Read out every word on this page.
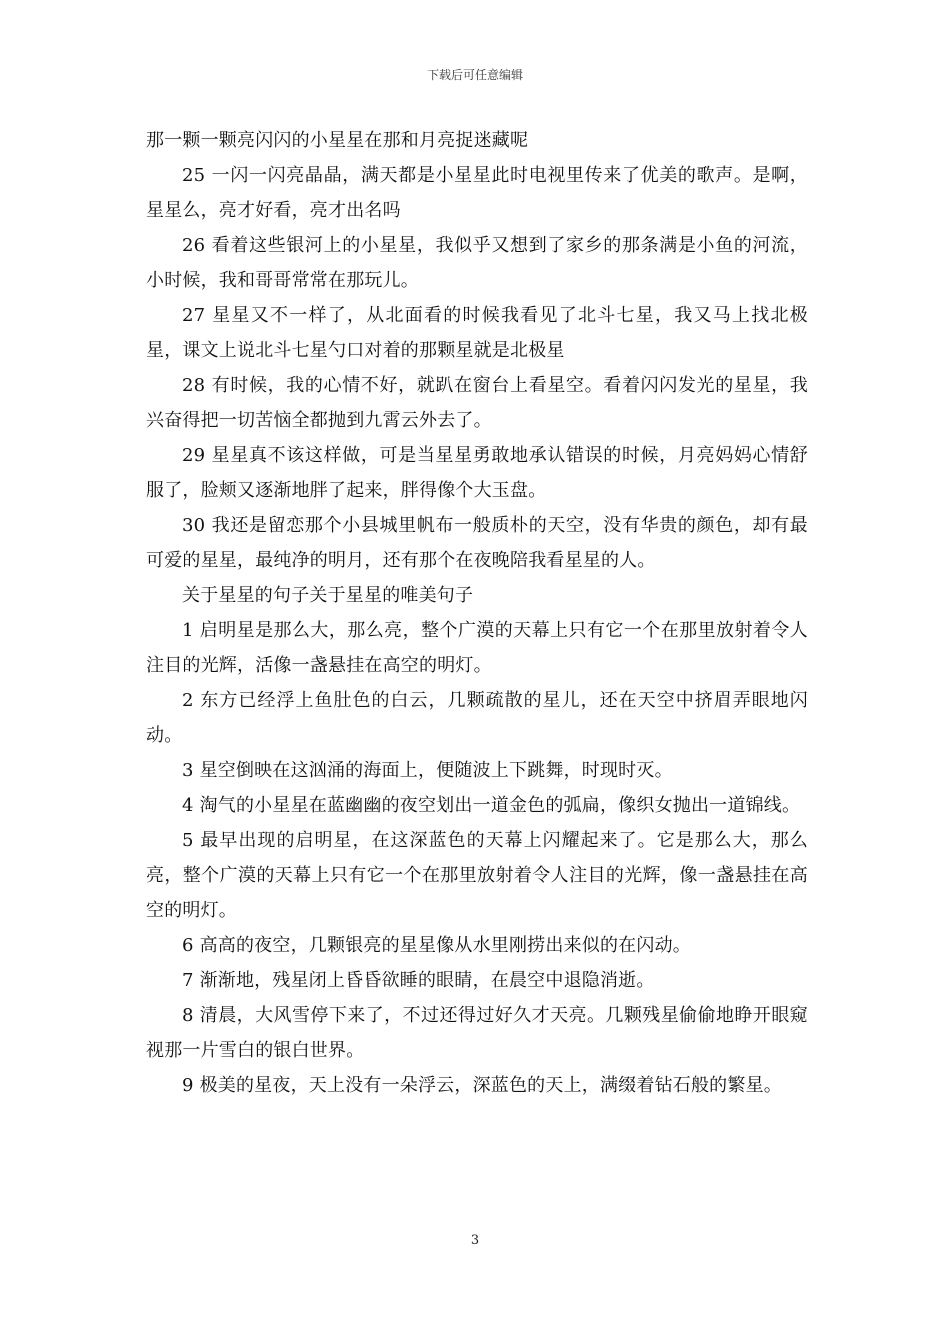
下载后可任意编辑

那一颗一颗亮闪闪的小星星在那和月亮捉迷藏呢

25 一闪一闪亮晶晶，满天都是小星星此时电视里传来了优美的歌声。是啊，星星么，亮才好看，亮才出名吗

26 看着这些银河上的小星星，我似乎又想到了家乡的那条满是小鱼的河流，小时候，我和哥哥常常在那玩儿。

27 星星又不一样了，从北面看的时候我看见了北斗七星，我又马上找北极星，课文上说北斗七星勺口对着的那颗星就是北极星

28 有时候，我的心情不好，就趴在窗台上看星空。看着闪闪发光的星星，我兴奋得把一切苦恼全都抛到九霄云外去了。

29 星星真不该这样做，可是当星星勇敢地承认错误的时候，月亮妈妈心情舒服了，脸颊又逐渐地胖了起来，胖得像个大玉盘。

30 我还是留恋那个小县城里帆布一般质朴的天空，没有华贵的颜色，却有最可爱的星星，最纯净的明月，还有那个在夜晚陪我看星星的人。

关于星星的句子关于星星的唯美句子

1 启明星是那么大，那么亮，整个广漠的天幕上只有它一个在那里放射着令人注目的光辉，活像一盏悬挂在高空的明灯。

2 东方已经浮上鱼肚色的白云，几颗疏散的星儿，还在天空中挤眉弄眼地闪动。

3 星空倒映在这汹涌的海面上，便随波上下跳舞，时现时灭。

4 淘气的小星星在蓝幽幽的夜空划出一道金色的弧扁，像织女抛出一道锦线。

5 最早出现的启明星，在这深蓝色的天幕上闪耀起来了。它是那么大，那么亮，整个广漠的天幕上只有它一个在那里放射着令人注目的光辉，像一盏悬挂在高空的明灯。

6 高高的夜空，几颗银亮的星星像从水里刚捞出来似的在闪动。

7 渐渐地，残星闭上昏昏欲睡的眼睛，在晨空中退隐消逝。

8 清晨，大风雪停下来了，不过还得过好久才天亮。几颗残星偷偷地睁开眼窥视那一片雪白的银白世界。

9 极美的星夜，天上没有一朵浮云，深蓝色的天上，满缀着钻石般的繁星。

3
